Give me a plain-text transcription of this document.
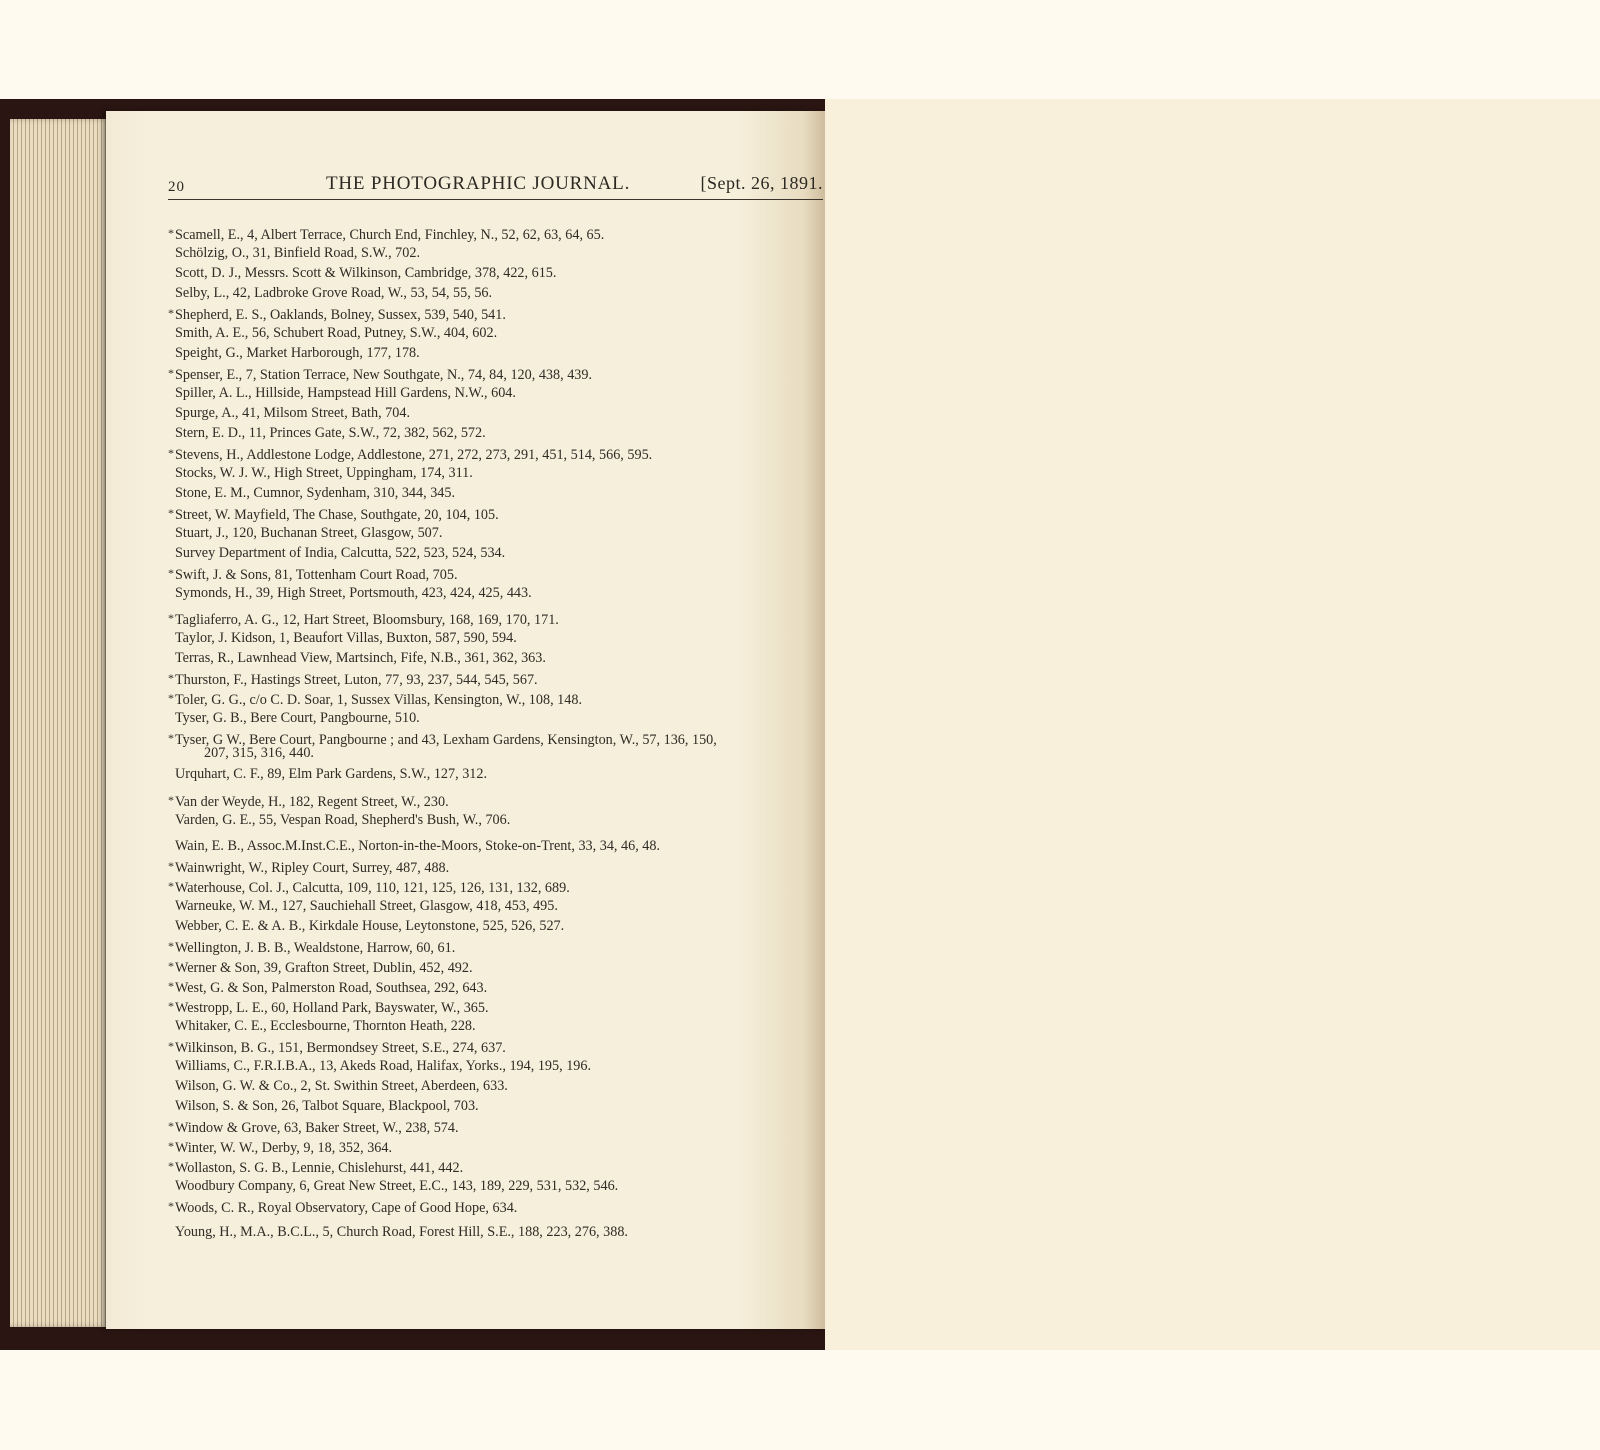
20	THE PHOTOGRAPHIC JOURNAL.	[Sept. 26, 1891.
*Scamell, E., 4, Albert Terrace, Church End, Finchley, N., 52, 62, 63, 64, 65.
Schölzig, O., 31, Binfield Road, S.W., 702.
Scott, D. J., Messrs. Scott & Wilkinson, Cambridge, 378, 422, 615.
Selby, L., 42, Ladbroke Grove Road, W., 53, 54, 55, 56.
*Shepherd, E. S., Oaklands, Bolney, Sussex, 539, 540, 541.
Smith, A. E., 56, Schubert Road, Putney, S.W., 404, 602.
Speight, G., Market Harborough, 177, 178.
*Spenser, E., 7, Station Terrace, New Southgate, N., 74, 84, 120, 438, 439.
Spiller, A. L., Hillside, Hampstead Hill Gardens, N.W., 604.
Spurge, A., 41, Milsom Street, Bath, 704.
Stern, E. D., 11, Princes Gate, S.W., 72, 382, 562, 572.
*Stevens, H., Addlestone Lodge, Addlestone, 271, 272, 273, 291, 451, 514, 566, 595.
Stocks, W. J. W., High Street, Uppingham, 174, 311.
Stone, E. M., Cumnor, Sydenham, 310, 344, 345.
*Street, W. Mayfield, The Chase, Southgate, 20, 104, 105.
Stuart, J., 120, Buchanan Street, Glasgow, 507.
Survey Department of India, Calcutta, 522, 523, 524, 534.
*Swift, J. & Sons, 81, Tottenham Court Road, 705.
Symonds, H., 39, High Street, Portsmouth, 423, 424, 425, 443.
*Tagliaferro, A. G., 12, Hart Street, Bloomsbury, 168, 169, 170, 171.
Taylor, J. Kidson, 1, Beaufort Villas, Buxton, 587, 590, 594.
Terras, R., Lawnhead View, Martsinch, Fife, N.B., 361, 362, 363.
*Thurston, F., Hastings Street, Luton, 77, 93, 237, 544, 545, 567.
*Toler, G. G., c/o C. D. Soar, 1, Sussex Villas, Kensington, W., 108, 148.
Tyser, G. B., Bere Court, Pangbourne, 510.
*Tyser, G W., Bere Court, Pangbourne ; and 43, Lexham Gardens, Kensington, W., 57, 136, 150,
207, 315, 316, 440.
Urquhart, C. F., 89, Elm Park Gardens, S.W., 127, 312.
*Van der Weyde, H., 182, Regent Street, W., 230.
Varden, G. E., 55, Vespan Road, Shepherd's Bush, W., 706.
Wain, E. B., Assoc.M.Inst.C.E., Norton-in-the-Moors, Stoke-on-Trent, 33, 34, 46, 48.
*Wainwright, W., Ripley Court, Surrey, 487, 488.
*Waterhouse, Col. J., Calcutta, 109, 110, 121, 125, 126, 131, 132, 689.
Warneuke, W. M., 127, Sauchiehall Street, Glasgow, 418, 453, 495.
Webber, C. E. & A. B., Kirkdale House, Leytonstone, 525, 526, 527.
*Wellington, J. B. B., Wealdstone, Harrow, 60, 61.
*Werner & Son, 39, Grafton Street, Dublin, 452, 492.
*West, G. & Son, Palmerston Road, Southsea, 292, 643.
*Westropp, L. E., 60, Holland Park, Bayswater, W., 365.
Whitaker, C. E., Ecclesbourne, Thornton Heath, 228.
*Wilkinson, B. G., 151, Bermondsey Street, S.E., 274, 637.
Williams, C., F.R.I.B.A., 13, Akeds Road, Halifax, Yorks., 194, 195, 196.
Wilson, G. W. & Co., 2, St. Swithin Street, Aberdeen, 633.
Wilson, S. & Son, 26, Talbot Square, Blackpool, 703.
*Window & Grove, 63, Baker Street, W., 238, 574.
*Winter, W. W., Derby, 9, 18, 352, 364.
*Wollaston, S. G. B., Lennie, Chislehurst, 441, 442.
Woodbury Company, 6, Great New Street, E.C., 143, 189, 229, 531, 532, 546.
*Woods, C. R., Royal Observatory, Cape of Good Hope, 634.
Young, H., M.A., B.C.L., 5, Church Road, Forest Hill, S.E., 188, 223, 276, 388.
